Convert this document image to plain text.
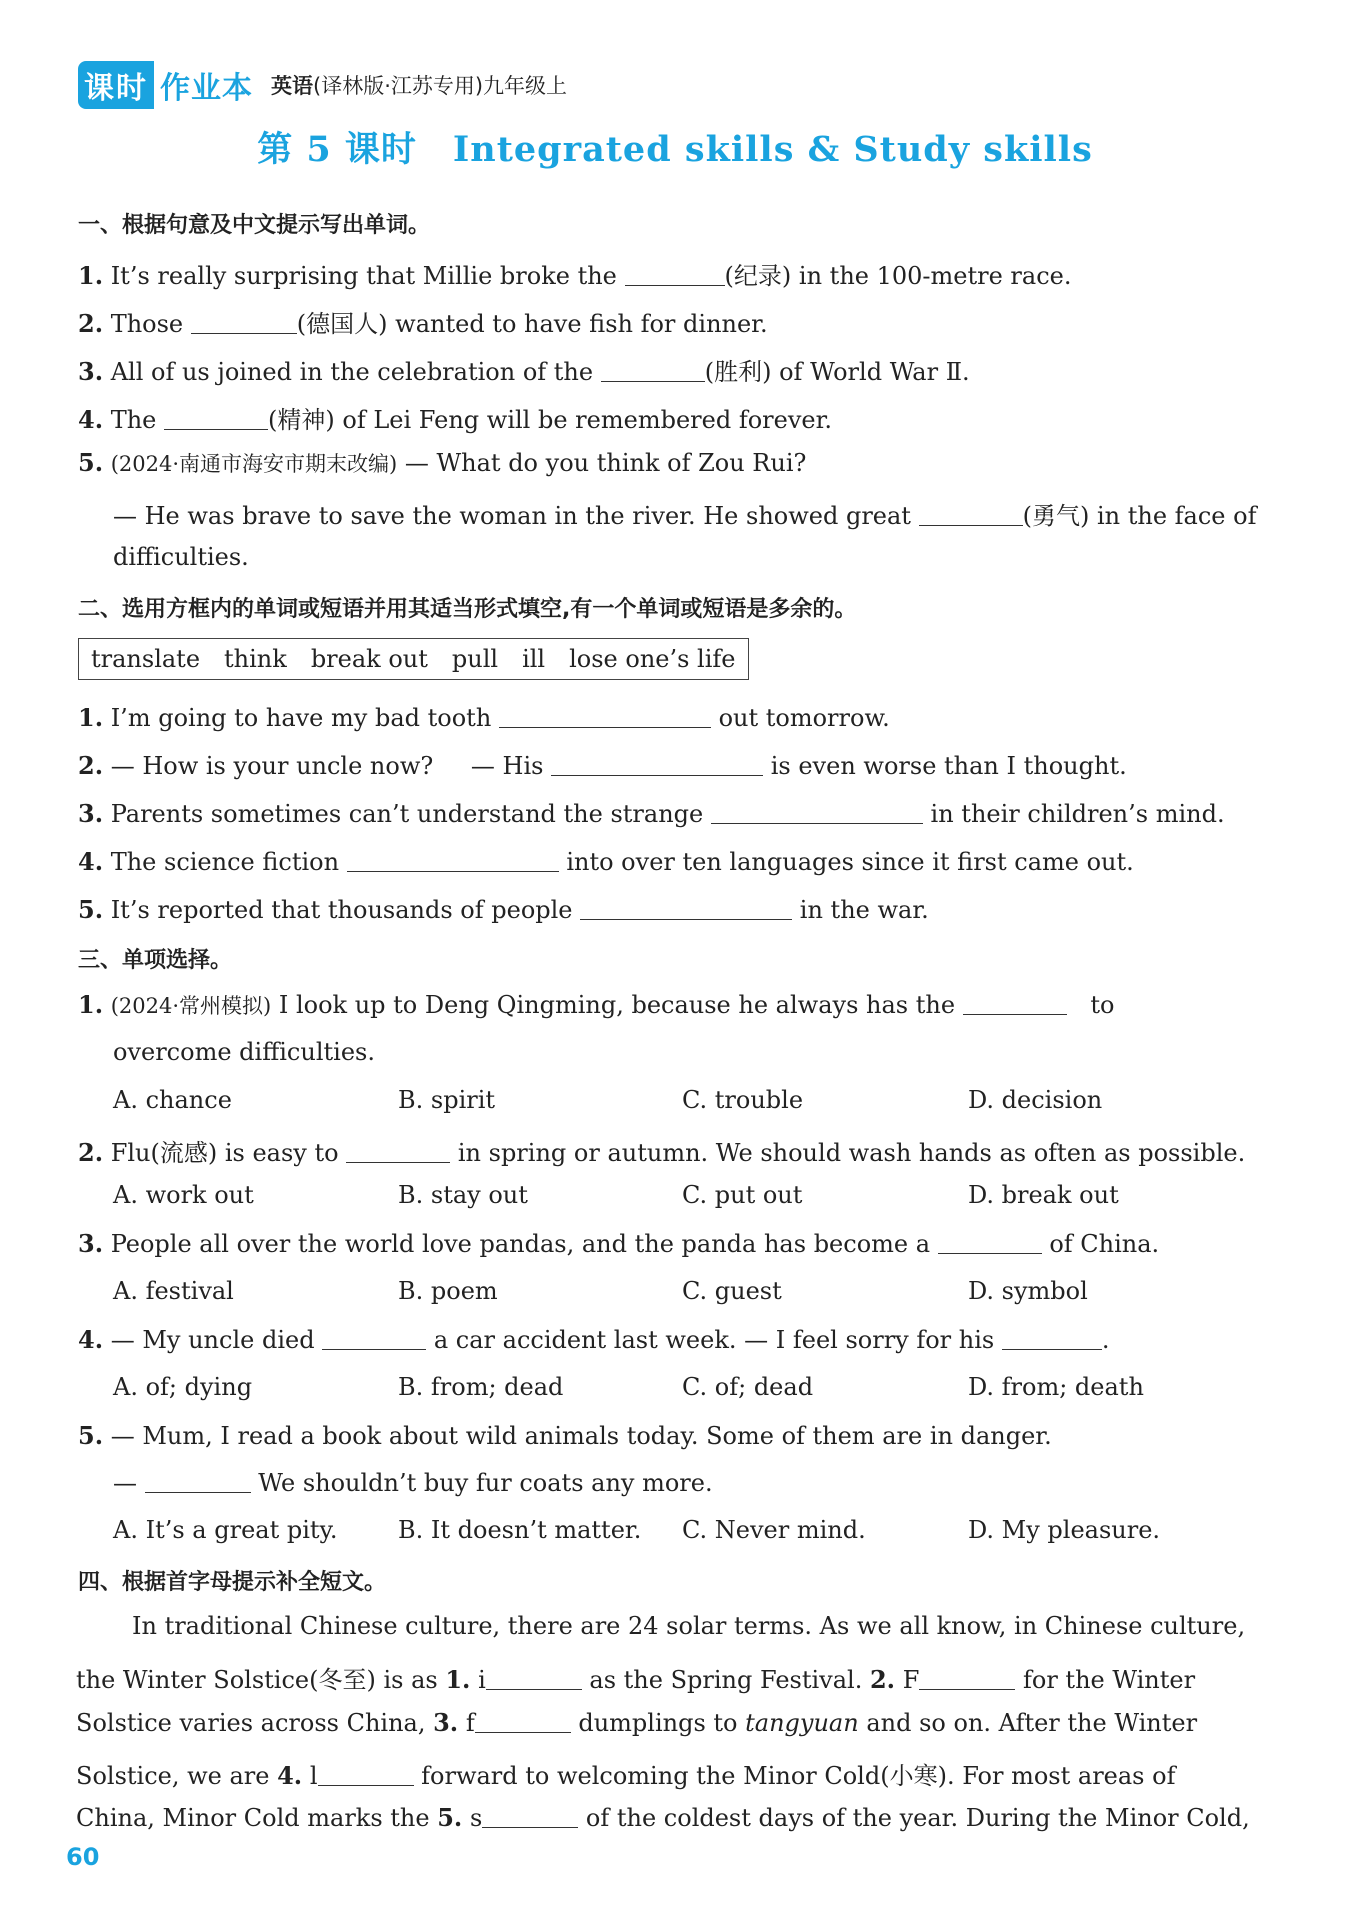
课时 作业本 英语(译林版·江苏专用)九年级上
第 5 课时 Integrated skills & Study skills
一、根据句意及中文提示写出单词。
1. It’s really surprising that Millie broke the	(纪录) in the 100-metre race.
2. Those	(德国人) wanted to have fish for dinner.
3. All of us joined in the celebration of the	(胜利) of World War Ⅱ.
4. The	(精神) of Lei Feng will be remembered forever.
5. (2024·南通市海安市期末改编) — What do you think of Zou Rui?
— He was brave to save the woman in the river. He showed great	(勇气) in the face of
difficulties.
二、选用方框内的单词或短语并用其适当形式填空,有一个单词或短语是多余的。
translate think break out pull ill lose one’s life
1. I’m going to have my bad tooth	out tomorrow.
2. — How is your uncle now? — His	is even worse than I thought.
3. Parents sometimes can’t understand the strange	in their children’s mind.
4. The science fiction	into over ten languages since it first came out.
5. It’s reported that thousands of people	in the war.
三、单项选择。
1. (2024·常州模拟) I look up to Deng Qingming, because he always has the	to
overcome difficulties.
A. chance	B. spirit	C. trouble	D. decision
2. Flu(流感) is easy to	in spring or autumn. We should wash hands as often as possible.
A. work out	B. stay out	C. put out	D. break out
3. People all over the world love pandas, and the panda has become a	of China.
A. festival	B. poem	C. guest	D. symbol
4. — My uncle died	a car accident last week. — I feel sorry for his	.
A. of; dying	B. from; dead	C. of; dead	D. from; death
5. — Mum, I read a book about wild animals today. Some of them are in danger.
—	We shouldn’t buy fur coats any more.
A. It’s a great pity.	B. It doesn’t matter. C. Never mind.	D. My pleasure.
四、根据首字母提示补全短文。
In traditional Chinese culture, there are 24 solar terms. As we all know, in Chinese culture,
the Winter Solstice(冬至) is as 1. i	as the Spring Festival. 2. F	for the Winter
Solstice varies across China, 3. f	dumplings to tangyuan and so on. After the Winter
Solstice, we are 4. l	forward to welcoming the Minor Cold(小寒). For most areas of
China, Minor Cold marks the 5. s	of the coldest days of the year. During the Minor Cold,
60
